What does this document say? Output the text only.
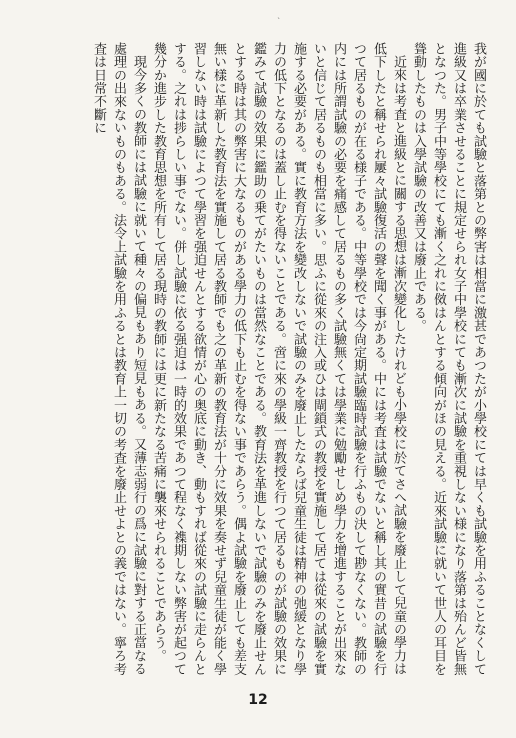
ˎ

我が國に於ても試驗と落第との弊害は相當に激甚であつたが小學校にては早くも試驗を用ふることなくして進級又は卒業させることに規定せられ女子中學校にても漸次に試驗を重視しない様になり落第は殆んど皆無となつた。男子中等學校にても漸く之れに傚はんとする傾向がほの見える。近來試驗に就いて世人の耳目を聳動したものは入學試驗の改善又は廢止である。

近來は考査と進級とに關する思想は漸次變化したけれども小學校に於てさへ試驗を廢止して兒童の學力は低下したと稱せられ屢々試驗復活の聲を聞く事がある。中には考査は試驗でないと稱し其の實昔の試驗を行つて居るものが在る様子である。中等學校では今尙定期試驗臨時試驗を行ふもの決して尠なくない。教師の内には所謂試驗の必要を痛感して居るもの多く試驗無くては學業に勉勵せしめ學力を增進することが出來ないと信じて居るものも相當に多い。思ふに從來の注入或ひは閘鎖式の教授を實施して居ては從來の試驗を實施する必要がある。實に教育方法を變改しないで試驗のみを廢止したならば兒童生徒は精神の弛緩となり學力の低下となるのは蓋し止むを得ないことである。啻に來の學級一齊教授を行つて居るものが試驗の效果に鑑みて試驗の效果に鑑助の乗てがたいものは當然なことである。教育法を革進しないで試驗のみを廢止せんとする時は其の弊害に大なるものがある學力の低下も止むを得ない事であらう。偶よ試驗を廢止しても差支無い樣に革新した教育法を實施して居る教師でも之の革新の教育法が十分に效果を奏せず兒童生徒が能く學習しない時は試驗によつて學習を强迫せんとする欲情が心の奥底に動き、動もすれば從來の試驗に走らんとする。之れは捗らしい事でない。併し試驗に依る强迫は一時的效果であつて程なく襍期しない弊害が起つて幾分か進步した教育思想を所有して居る現時の教師には更に新たなる苦痛に襲來せられることであらう。

現今多くの教師には試驗に就いて種々の偏見もあり短見もある。又薄志弱行の爲に試驗に對する正當なる處理の出來ないものもある。法令上試驗を用ふるとは教育上一切の考査を廢止せよとの義ではない。寧ろ考査は日常不斷に

12
